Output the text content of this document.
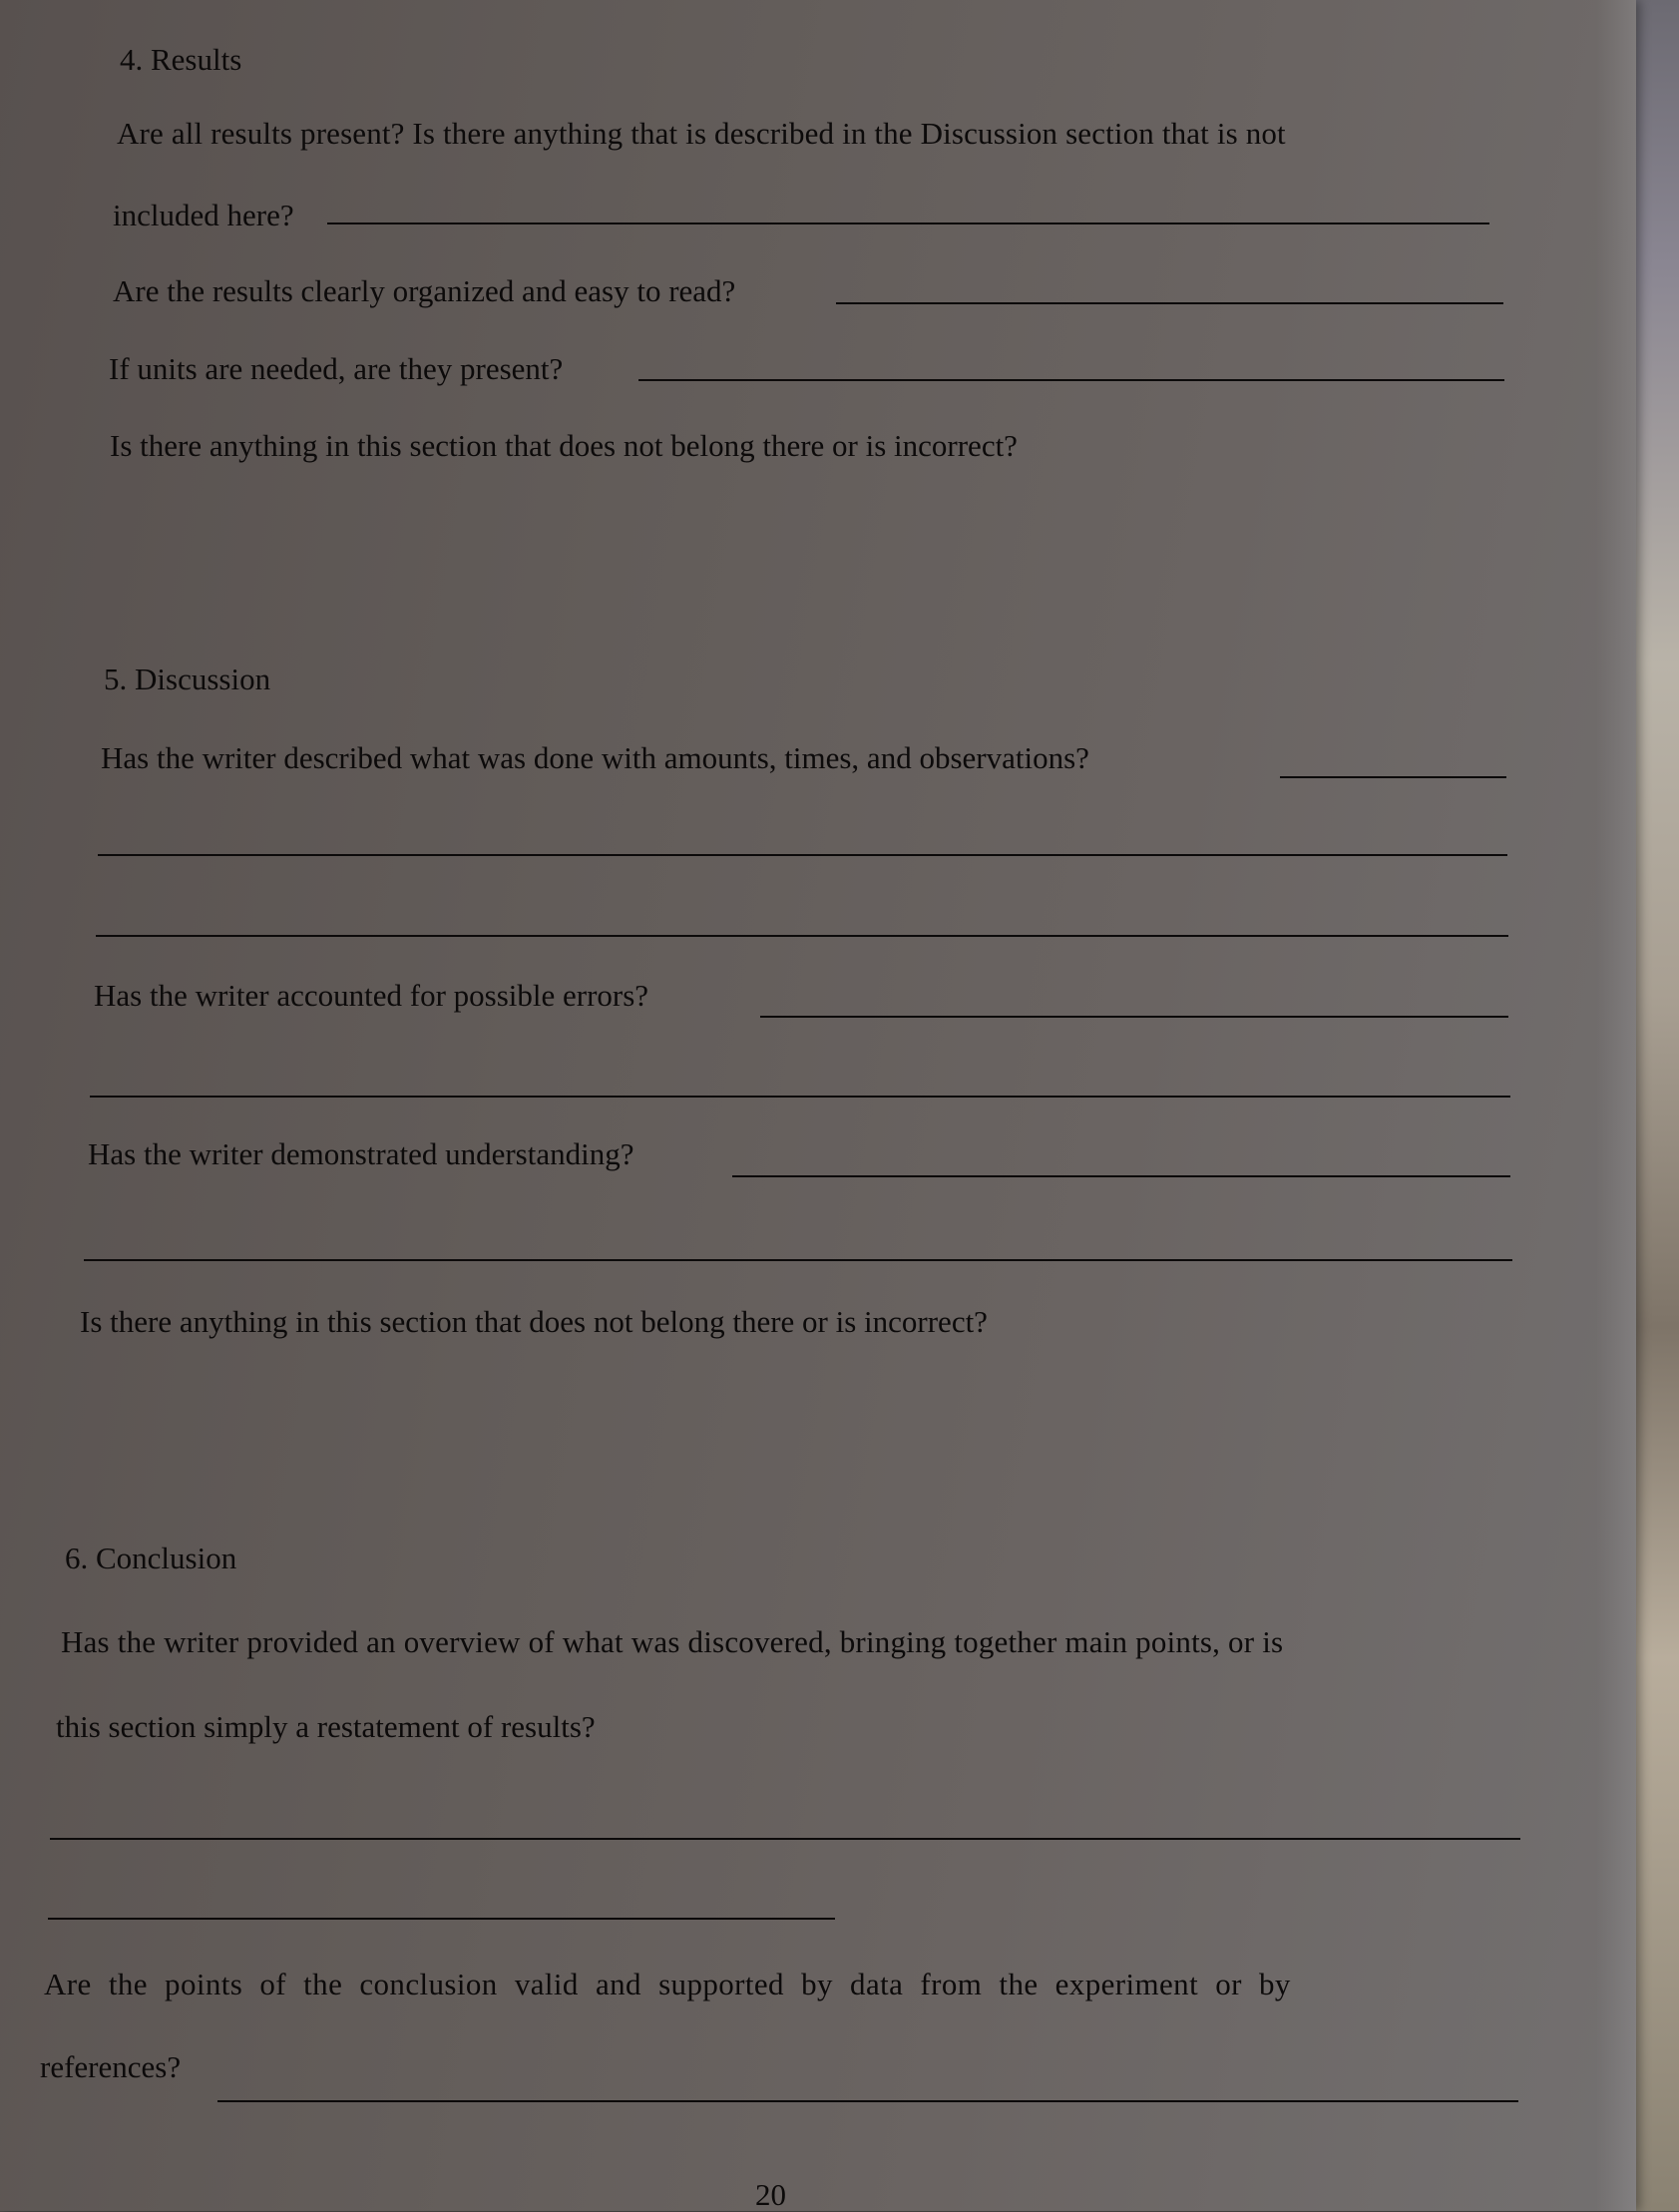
4. Results
Are all results present? Is there anything that is described in the Discussion section that is not
included here?
Are the results clearly organized and easy to read?
If units are needed, are they present?
Is there anything in this section that does not belong there or is incorrect?
5. Discussion
Has the writer described what was done with amounts, times, and observations?
Has the writer accounted for possible errors?
Has the writer demonstrated understanding?
Is there anything in this section that does not belong there or is incorrect?
6. Conclusion
Has the writer provided an overview of what was discovered, bringing together main points, or is
this section simply a restatement of results?
Are the points of the conclusion valid and supported by data from the experiment or by
references?
20
